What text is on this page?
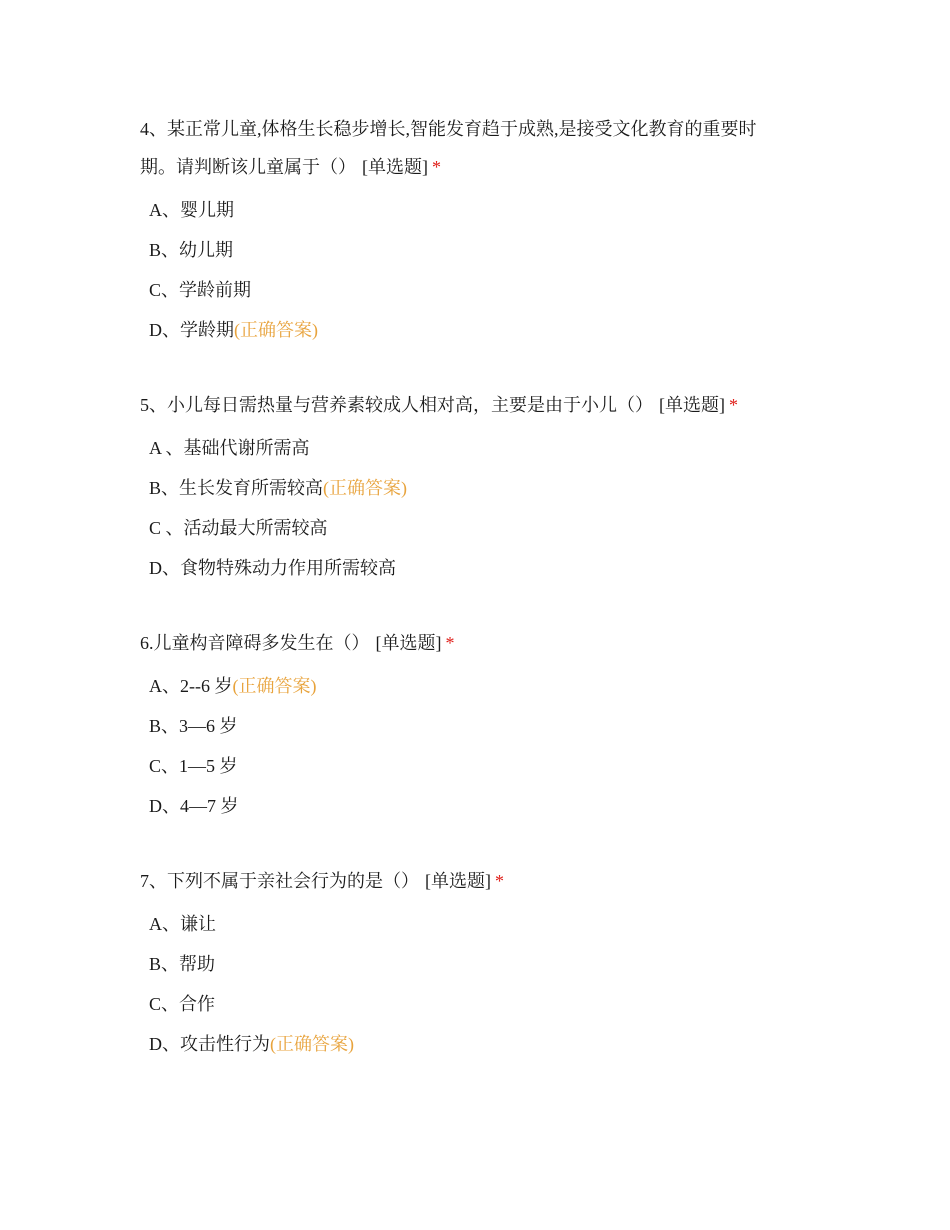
4、某正常儿童,体格生长稳步增长,智能发育趋于成熟,是接受文化教育的重要时期。请判断该儿童属于（） [单选题] *

A、婴儿期
B、幼儿期
C、学龄前期
D、学龄期(正确答案)

5、小儿每日需热量与营养素较成人相对高，主要是由于小儿（） [单选题] *

A 、基础代谢所需高
B、生长发育所需较高(正确答案)
C 、活动最大所需较高
D、食物特殊动力作用所需较高

6.儿童构音障碍多发生在（） [单选题] *

A、2--6 岁(正确答案)
B、3—6 岁
C、1—5 岁
D、4—7 岁

7、下列不属于亲社会行为的是（） [单选题] *

A、谦让
B、帮助
C、合作
D、攻击性行为(正确答案)
